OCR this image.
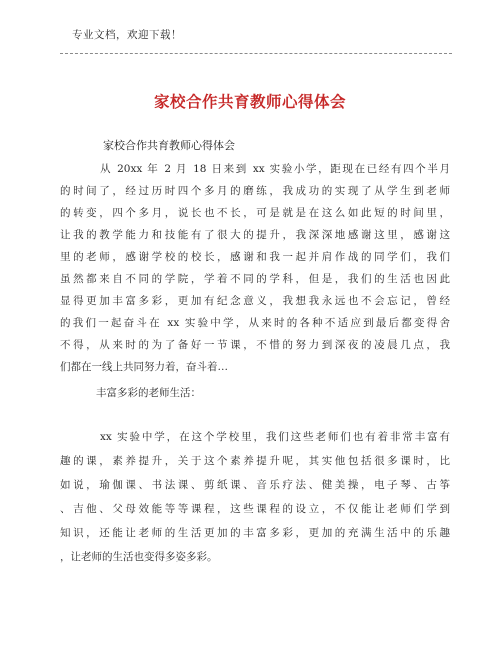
专业文档，欢迎下载！
家校合作共育教师心得体会
家校合作共育教师心得体会
从 20xx 年 2 月 18 日来到 xx 实验小学，距现在已经有四个半月
的时间了，经过历时四个多月的磨练，我成功的实现了从学生到老师
的转变，四个多月，说长也不长，可是就是在这么如此短的时间里，
让我的教学能力和技能有了很大的提升，我深深地感谢这里，感谢这
里的老师，感谢学校的校长，感谢和我一起并肩作战的同学们，我们
虽然都来自不同的学院，学着不同的学科，但是，我们的生活也因此
显得更加丰富多彩，更加有纪念意义，我想我永远也不会忘记，曾经
的我们一起奋斗在 xx 实验中学，从来时的各种不适应到最后都变得舍
不得，从来时的为了备好一节课，不惜的努力到深夜的凌晨几点，我
们都在一线上共同努力着，奋斗着…
丰富多彩的老师生活：
xx 实验中学，在这个学校里，我们这些老师们也有着非常丰富有
趣的课，素养提升，关于这个素养提升呢，其实他包括很多课时，比
如说，瑜伽课、书法课、剪纸课、音乐疗法、健美操，电子琴、古筝
、吉他、父母效能等等课程，这些课程的设立，不仅能让老师们学到
知识，还能让老师的生活更加的丰富多彩，更加的充满生活中的乐趣
，让老师的生活也变得多姿多彩。
